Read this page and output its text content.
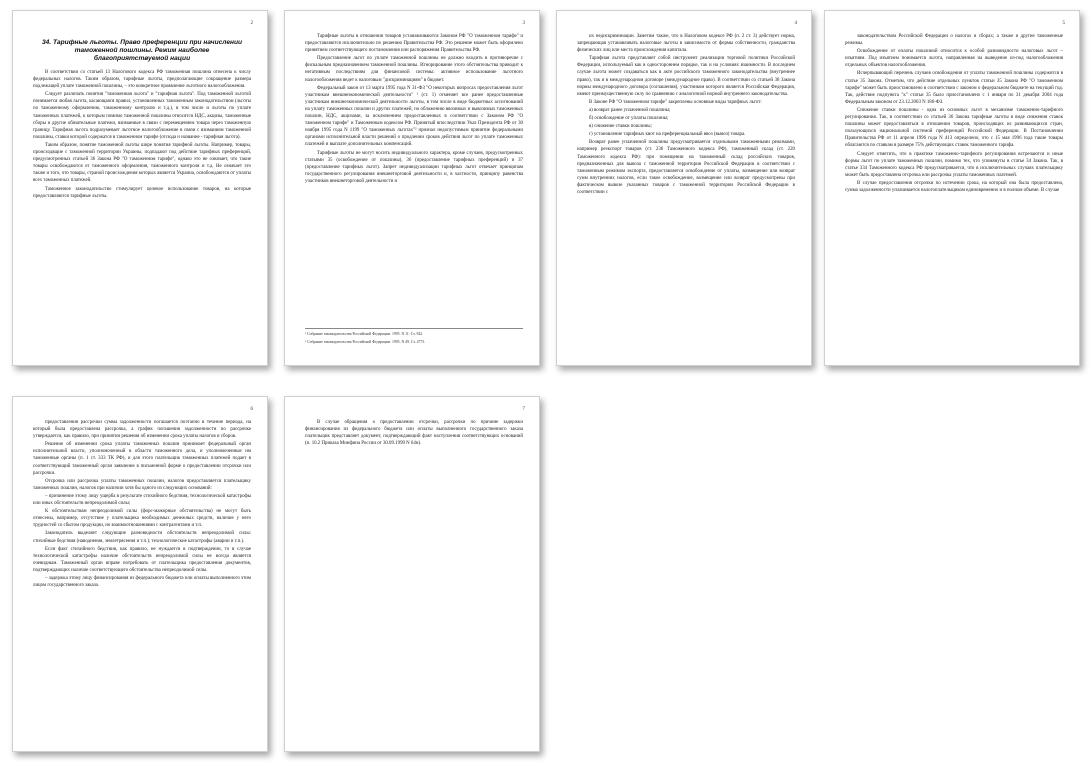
2
34. Тарифные льготы. Право преференции при начислении таможенной пошлины. Режим наиболее благоприятствуемой нации

В соответствии со статьей 13 Налогового кодекса РФ таможенная пошлина отнесена к числу федеральных налогов. Таким образом, тарифные льготы, предполагающие сокращение размера подлежащей уплате таможенной пошлины, – это конкретное проявление льготного налогообложения.

Следует различать понятия "таможенная льгота" и "тарифная льгота". Под таможенной льготой понимается любая льгота, касающаяся правил, установленных таможенным законодательством (льготы по таможенному оформлению, таможенному контролю и т.д.), в том числе и льготы по уплате таможенных платежей, к которым помимо таможенной пошлины относятся НДС, акцизы, таможенные сборы и другие обязательные платежи, взимаемые в связи с перемещением товара через таможенную границу. Тарифная льгота подразумевает льготное налогообложение в связи с взиманием таможенной пошлины, ставки которой содержатся в таможенном тарифе (отсюда и название - тарифная льгота).

Таким образом, понятие таможенной льготы шире понятия тарифной льготы. Например, товары, происходящие с таможенной территории Украины, подпадают под действие тарифных преференций, предусмотренных статьей 36 Закона РФ "О таможенном тарифе", однако это не означает, что такие товары освобождаются от таможенного оформления, таможенного контроля и т.д. Не означает это также и того, что товары, страной происхождения которых является Украина, освобождаются от уплаты всех таможенных платежей.

Таможенное законодательство стимулирует целевое использование товаров, на которые предоставляются тарифные льготы.

3

Тарифные льготы в отношении товаров устанавливаются Законом РФ "О таможенном тарифе" и предоставляются исключительно по решению Правительства РФ. Это решение может быть оформлено принятием соответствующего постановления или распоряжения Правительства РФ.

Предоставление льгот по уплате таможенной пошлины не должно входить в противоречие с фискальным предназначением таможенной пошлины. Игнорирование этого обстоятельства приводит к негативным последствиям для финансовой системы: активное использование льготного налогообложения ведет к налоговым "дискриминациям" в бюджет.

Федеральный закон от 13 марта 1995 года N 31-ФЗ "О некоторых вопросах предоставления льгот участникам внешнеэкономической деятельности" ¹ (ст. 1) отменяет все ранее предоставленные участникам внешнеэкономической деятельности льготы, в том числе в виде бюджетных ассигнований на уплату таможенных пошлин и других платежей, по обложению ввозимых и вывозимых таможенных пошлин, НДС, акцизами, за исключением предоставленных в соответствии с Законом РФ "О таможенном тарифе" и Таможенным кодексом РФ. Принятый впоследствии Указ Президента РФ от 30 ноября 1995 года N 1199 "О таможенных льготах"² признал недопустимым принятие федеральными органами исполнительной власти решений о продлении сроков действия льгот по уплате таможенных платежей и выплате дополнительных компенсаций.

Тарифные льготы не могут носить индивидуального характера, кроме случаев, предусмотренных статьями 35 (освобождение от пошлины), 36 (предоставление тарифных преференций) и 37 (предоставление тарифных льгот). Запрет индивидуализации тарифных льгот отвечает принципам государственного регулирования внешнеторговой деятельности и, в частности, принципу равенства участников внешнеторговой деятельности и

¹ Собрание законодательства Российской Федерации. 1995. N 11. Ст. 942.

² Собрание законодательства Российской Федерации. 1995. N 49. Ст. 4775.

4

их недискриминации. Заметим также, что в Налоговом кодексе РФ (п. 2 ст. 3) действует норма, запрещающая устанавливать налоговые льготы в зависимости от формы собственности, гражданства физических лиц или места происхождения капитала.

Тарифная льгота представляет собой инструмент реализации торговой политики Российской Федерации, используемый как в одностороннем порядке, так и на условиях взаимности. В последнем случае льгота может создаваться как в акте российского таможенного законодательства (внутреннее право), так и в международном договоре (международное право). В соответствии со статьей 38 Закона нормы международного договора (соглашения), участником которого является Российская Федерация, имеют преимущественную силу по сравнению с аналогичной нормой внутреннего законодательства.

В Законе РФ "О таможенном тарифе" закреплены основные виды тарифных льгот:

а) возврат ранее уплаченной пошлины;

б) освобождение от уплаты пошлины;

в) снижение ставки пошлины;

г) установление тарифных квот на преференциальный ввоз (вывоз) товара.

Возврат ранее уплаченной пошлины предусматривается отдельными таможенными режимами, например реэкспорт товаров (ст. 236 Таможенного кодекса РФ), таможенный склад (ст. 220 Таможенного кодекса РФ): при помещении на таможенный склад российских товаров, предназначенных для вывоза с таможенной территории Российской Федерации в соответствии с таможенным режимом экспорта, предоставляется освобождение от уплаты, возмещение или возврат сумм внутренних налогов, если такое освобождение, возмещение или возврат предусмотрены при фактическом вывозе указанных товаров с таможенной территории Российской Федерации в соответствии с

5

законодательством Российской Федерации о налогах и сборах; а также и другие таможенные режимы.

Освобождение от оплаты пошлиной относится к особой разновидности налоговых льгот – изъятиям. Под изъятием понимается льгота, направленная на выведение из-под налогообложения отдельных объектов налогообложения.

Исчерпывающий перечень случаев освобождения от уплаты таможенной пошлины содержится в статье 35 Закона. Отметим, что действие отдельных пунктов статьи 35 Закона РФ "О таможенном тарифе" может быть приостановлено в соответствии с законом о федеральном бюджете на текущий год. Так, действие подпункта "к" статьи 35 было приостановлено с 1 января по 31 декабря 2004 года Федеральным законом от 23.12.2003 N 186-ФЗ.

Снижение ставки пошлины - одна из основных льгот в механизме таможенно-тарифного регулирования. Так, в соответствии со статьей 36 Закона тарифные льготы в виде снижения ставок пошлины может предоставляться в отношении товаров, происходящих из развивающихся стран, пользующихся национальной системой преференций Российской Федерации. В Постановлении Правительства РФ от 11 апреля 1996 года N 413 определено, что с 15 мая 1996 года такие товары облагаются по ставкам в размере 75% действующих ставок таможенного тарифа.

Следует отметить, что в практике таможенно-тарифного регулирования встречаются и иные формы льгот по уплате таможенных пошлин, помимо тех, что упомянуты в статье 34 Закона. Так, в статье 334 Таможенного кодекса РФ предусматривается, что в исключительных случаях плательщику может быть предоставлена отсрочка или рассрочка уплаты таможенных платежей.

В случае предоставления отсрочки по истечении срока, на который она была предоставлена, сумма задолженности уплачивается налогоплательщиком единовременно и в полном объеме. В случае

6

предоставления рассрочки сумма задолженности погашается поэтапно в течение периода, на который была предоставлена рассрочка, а график погашения задолженности по рассрочке утверждается, как правило, при принятии решения об изменении срока уплаты налогов и сборов.

Решение об изменении срока уплаты таможенных пошлин принимает федеральный орган исполнительной власти, уполномоченный в области таможенного дела, и уполномоченные им таможенные органы (п. 1 ст. 333 ТК РФ), и для этого плательщик таможенных платежей подает в соответствующий таможенный орган заявление в письменной форме о предоставлении отсрочки или рассрочки.

Отсрочка или рассрочка уплаты таможенных пошлин, налогов предоставляется плательщику таможенных пошлин, налогов при наличии хотя бы одного из следующих оснований:

– причинение этому лицу ущерба в результате стихийного бедствия, технологической катастрофы или иных обстоятельств непреодолимой силы;

К обстоятельствам непреодолимой силы (форс-мажорные обстоятельства) не могут быть отнесены, например, отсутствие у плательщика необходимых денежных средств, наличие у него трудностей со сбытом продукции, но взаимоотношениями с контрагентами и т.п.

Законодатель выделяет следующие разновидности обстоятельств непреодолимой силы: стихийные бедствия (наводнения, землетрясения и т.п.); технологические катастрофы (аварии и т.п.).

Если факт стихийного бедствия, как правило, не нуждается в подтверждении, то в случае технологической катастрофы наличие обстоятельств непреодолимой силы не всегда является очевидным. Таможенный орган вправе потребовать от плательщика предоставления документов, подтверждающих наличие соответствующего обстоятельства непреодолимой силы.

– задержка этому лицу финансирования из федерального бюджета или оплаты выполненного этим лицом государственного заказа.

7

В случае обращения о предоставлении отсрочки, рассрочки по причине задержки финансирования из федерального бюджета или оплаты выполненного государственного заказа плательщик представляет документ, подтверждающий факт наступления соответствующих оснований (п. 10.2 Приказа Минфина России от 30.09.1999 N 64н).
